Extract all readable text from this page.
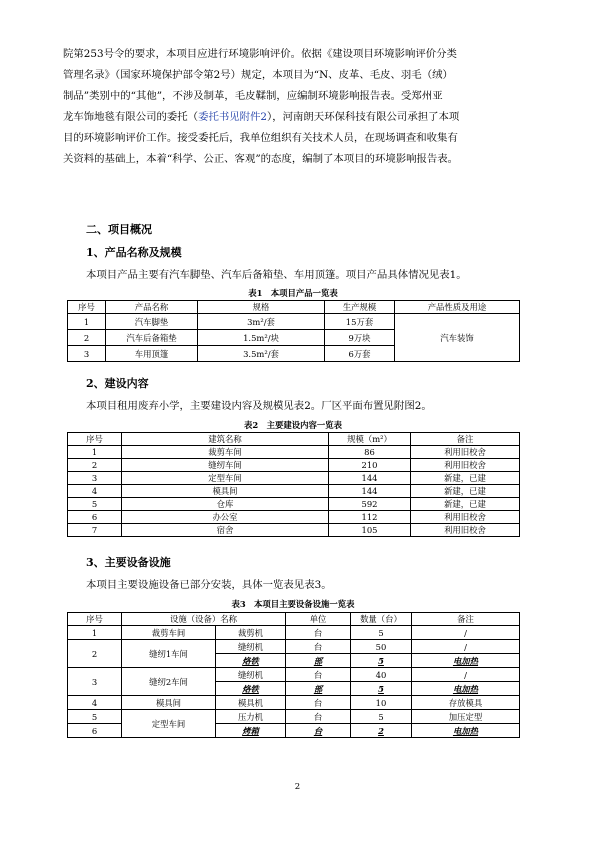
院第253号令的要求，本项目应进行环境影响评价。依据《建设项目环境影响评价分类
管理名录》（国家环境保护部令第2号）规定，本项目为“N、皮革、毛皮、羽毛（绒）
制品”类别中的“其他”，不涉及制革，毛皮鞣制，应编制环境影响报告表。受郑州亚
龙车饰地毯有限公司的委托（委托书见附件2），河南朗天环保科技有限公司承担了本项
目的环境影响评价工作。接受委托后，我单位组织有关技术人员，在现场调查和收集有
关资料的基础上，本着“科学、公正、客观”的态度，编制了本项目的环境影响报告表。
二、项目概况
1、产品名称及规模
本项目产品主要有汽车脚垫、汽车后备箱垫、车用顶篷。项目产品具体情况见表1。
表1　本项目产品一览表
序号	产品名称	规格	生产规模	产品性质及用途
1	汽车脚垫	3m²/套	15万套	汽车装饰
2	汽车后备箱垫	1.5m²/块	9万块	
3	车用顶篷	3.5m²/套	6万套	
2、建设内容
本项目租用废弃小学，主要建设内容及规模见表2。厂区平面布置见附图2。
表2　主要建设内容一览表
序号	建筑名称	规模（m²）	备注
1	裁剪车间	86	利用旧校舍
2	缝纫车间	210	利用旧校舍
3	定型车间	144	新建，已建
4	模具间	144	新建，已建
5	仓库	592	新建，已建
6	办公室	112	利用旧校舍
7	宿舍	105	利用旧校舍
3、主要设备设施
本项目主要设施设备已部分安装，具体一览表见表3。
表3　本项目主要设备设施一览表
序号	设施（设备）名称		单位	数量（台）	备注
1	裁剪车间	裁剪机	台	5	/
2	缝纫1车间	缝纫机	台	50	/
		烙铁	部	5	电加热
3	缝纫2车间	缝纫机	台	40	/
		烙铁	部	5	电加热
4	模具间	模具机	台	10	存放模具
5	定型车间	压力机	台	5	加压定型
6		烤箱	台	2	电加热
2
